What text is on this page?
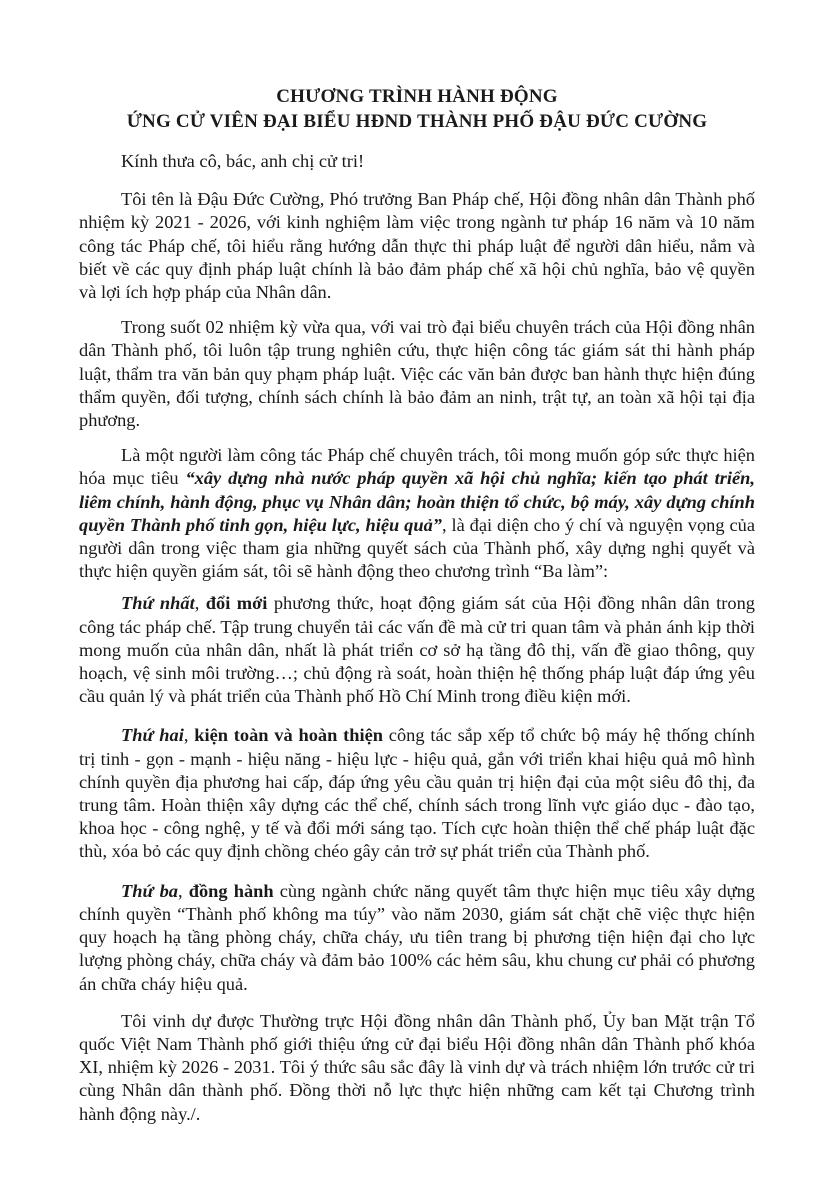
CHƯƠNG TRÌNH HÀNH ĐỘNG
ỨNG CỬ VIÊN ĐẠI BIỂU HĐND THÀNH PHỐ ĐẬU ĐỨC CƯỜNG

Kính thưa cô, bác, anh chị cử tri!

Tôi tên là Đậu Đức Cường, Phó trưởng Ban Pháp chế, Hội đồng nhân dân Thành phố nhiệm kỳ 2021 - 2026, với kinh nghiệm làm việc trong ngành tư pháp 16 năm và 10 năm công tác Pháp chế, tôi hiểu rằng hướng dẫn thực thi pháp luật để người dân hiểu, nắm và biết về các quy định pháp luật chính là bảo đảm pháp chế xã hội chủ nghĩa, bảo vệ quyền và lợi ích hợp pháp của Nhân dân.

Trong suốt 02 nhiệm kỳ vừa qua, với vai trò đại biểu chuyên trách của Hội đồng nhân dân Thành phố, tôi luôn tập trung nghiên cứu, thực hiện công tác giám sát thi hành pháp luật, thẩm tra văn bản quy phạm pháp luật. Việc các văn bản được ban hành thực hiện đúng thẩm quyền, đối tượng, chính sách chính là bảo đảm an ninh, trật tự, an toàn xã hội tại địa phương.

Là một người làm công tác Pháp chế chuyên trách, tôi mong muốn góp sức thực hiện hóa mục tiêu “xây dựng nhà nước pháp quyền xã hội chủ nghĩa; kiến tạo phát triển, liêm chính, hành động, phục vụ Nhân dân; hoàn thiện tổ chức, bộ máy, xây dựng chính quyền Thành phố tinh gọn, hiệu lực, hiệu quả”, là đại diện cho ý chí và nguyện vọng của người dân trong việc tham gia những quyết sách của Thành phố, xây dựng nghị quyết và thực hiện quyền giám sát, tôi sẽ hành động theo chương trình “Ba làm”:

Thứ nhất, đổi mới phương thức, hoạt động giám sát của Hội đồng nhân dân trong công tác pháp chế. Tập trung chuyển tải các vấn đề mà cử tri quan tâm và phản ánh kịp thời mong muốn của nhân dân, nhất là phát triển cơ sở hạ tầng đô thị, vấn đề giao thông, quy hoạch, vệ sinh môi trường…; chủ động rà soát, hoàn thiện hệ thống pháp luật đáp ứng yêu cầu quản lý và phát triển của Thành phố Hồ Chí Minh trong điều kiện mới.

Thứ hai, kiện toàn và hoàn thiện công tác sắp xếp tổ chức bộ máy hệ thống chính trị tinh - gọn - mạnh - hiệu năng - hiệu lực - hiệu quả, gắn với triển khai hiệu quả mô hình chính quyền địa phương hai cấp, đáp ứng yêu cầu quản trị hiện đại của một siêu đô thị, đa trung tâm. Hoàn thiện xây dựng các thể chế, chính sách trong lĩnh vực giáo dục - đào tạo, khoa học - công nghệ, y tế và đổi mới sáng tạo. Tích cực hoàn thiện thể chế pháp luật đặc thù, xóa bỏ các quy định chồng chéo gây cản trở sự phát triển của Thành phố.

Thứ ba, đồng hành cùng ngành chức năng quyết tâm thực hiện mục tiêu xây dựng chính quyền “Thành phố không ma túy” vào năm 2030, giám sát chặt chẽ việc thực hiện quy hoạch hạ tầng phòng cháy, chữa cháy, ưu tiên trang bị phương tiện hiện đại cho lực lượng phòng cháy, chữa cháy và đảm bảo 100% các hẻm sâu, khu chung cư phải có phương án chữa cháy hiệu quả.

Tôi vinh dự được Thường trực Hội đồng nhân dân Thành phố, Ủy ban Mặt trận Tổ quốc Việt Nam Thành phố giới thiệu ứng cử đại biểu Hội đồng nhân dân Thành phố khóa XI, nhiệm kỳ 2026 - 2031. Tôi ý thức sâu sắc đây là vinh dự và trách nhiệm lớn trước cử tri cùng Nhân dân thành phố. Đồng thời nỗ lực thực hiện những cam kết tại Chương trình hành động này./.
